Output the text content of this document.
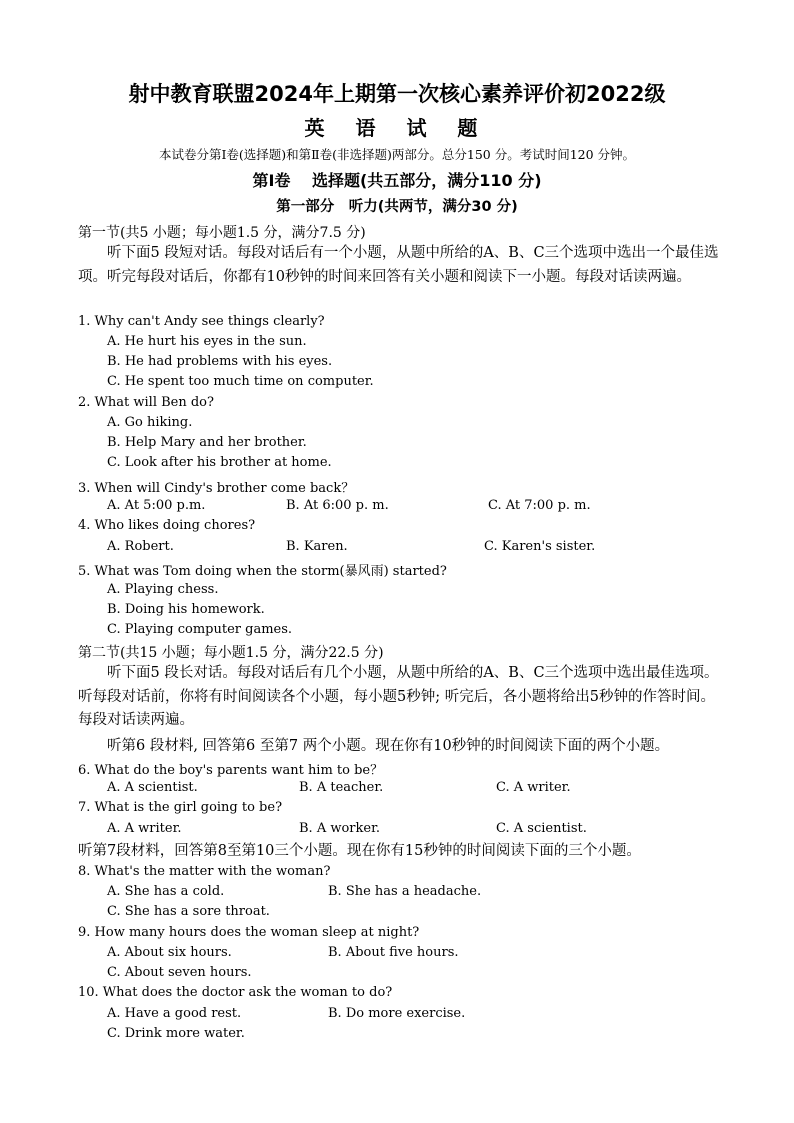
射中教育联盟2024年上期第一次核心素养评价初2022级
英 语 试 题
本试卷分第Ⅰ卷(选择题)和第Ⅱ卷(非选择题)两部分。总分150 分。考试时间120 分钟。
第Ⅰ卷　 选择题(共五部分，满分110 分)
第一部分　听力(共两节，满分30 分)
第一节(共5 小题；每小题1.5 分，满分7.5 分)
听下面5 段短对话。每段对话后有一个小题，从题中所给的A、B、C三个选项中选出一个最佳选项。听完每段对话后，你都有10秒钟的时间来回答有关小题和阅读下一小题。每段对话读两遍。
1. Why can't Andy see things clearly?
A. He hurt his eyes in the sun.
B. He had problems with his eyes.
C. He spent too much time on computer.
2. What will Ben do?
A. Go hiking.
B. Help Mary and her brother.
C. Look after his brother at home.
3. When will Cindy's brother come back？
A. At 5:00 p.m.	B. At 6:00 p. m.	C. At 7:00 p. m.
4. Who likes doing chores?
A. Robert.	B. Karen.	C. Karen's sister.
5. What was Tom doing when the storm(暴风雨) started?
A. Playing chess.
B. Doing his homework.
C. Playing computer games.
第二节(共15 小题；每小题1.5 分，满分22.5 分)
听下面5 段长对话。每段对话后有几个小题，从题中所给的A、B、C三个选项中选出最佳选项。听每段对话前，你将有时间阅读各个小题，每小题5秒钟; 听完后，各小题将给出5秒钟的作答时间。每段对话读两遍。
听第6 段材料, 回答第6 至第7 两个小题。现在你有10秒钟的时间阅读下面的两个小题。
6. What do the boy's parents want him to be？
A. A scientist.	B. A teacher.	C. A writer.
7. What is the girl going to be?
A. A writer.	B. A worker.	C. A scientist.
听第7段材料，回答第8至第10三个小题。现在你有15秒钟的时间阅读下面的三个小题。
8. What's the matter with the woman?
A. She has a cold.	B. She has a headache.
C. She has a sore throat.
9. How many hours does the woman sleep at night?
A. About six hours.	B. About five hours.
C. About seven hours.
10. What does the doctor ask the woman to do?
A. Have a good rest.	B. Do more exercise.
C. Drink more water.
